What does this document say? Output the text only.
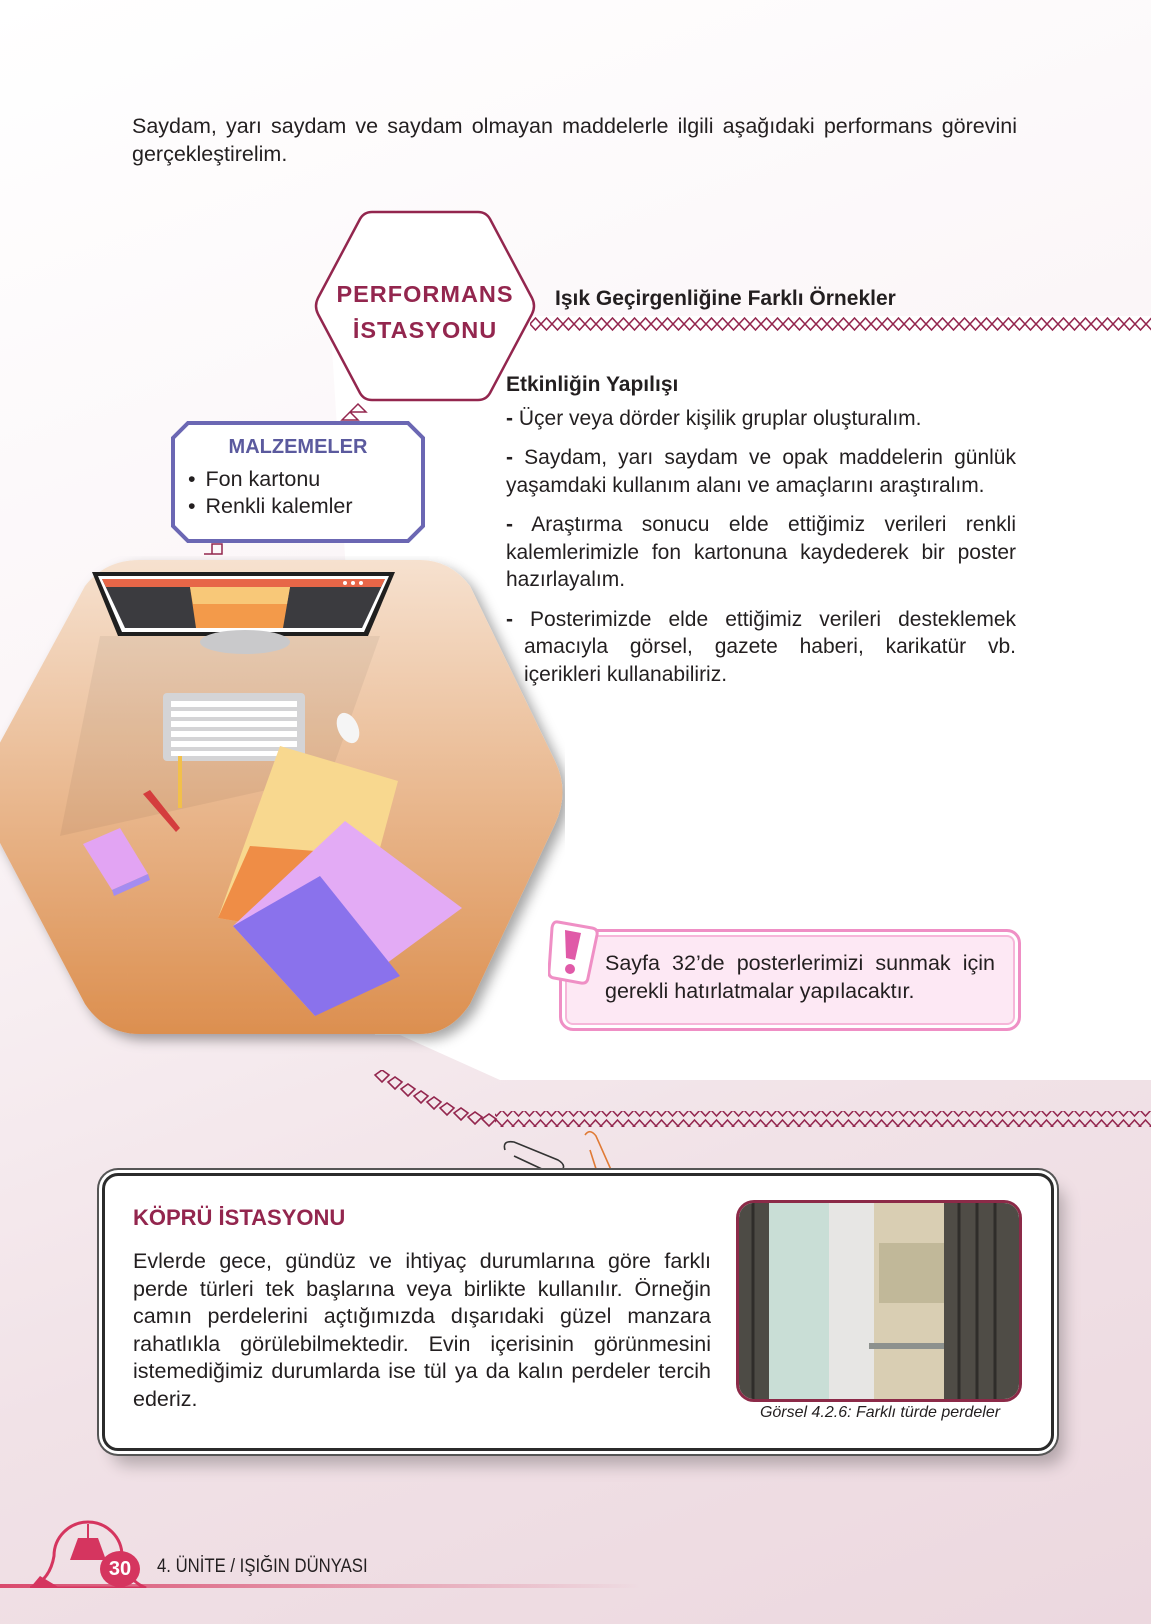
Saydam, yarı saydam ve saydam olmayan maddelerle ilgili aşağıdaki performans görevini gerçekleştirelim.
PERFORMANS
İSTASYONU
Işık Geçirgenliğine Farklı Örnekler
MALZEMELER
• Fon kartonu
• Renkli kalemler
Etkinliğin Yapılışı

- Üçer veya dörder kişilik gruplar oluşturalım.

- Saydam, yarı saydam ve opak maddelerin günlük yaşamdaki kullanım alanı ve amaçlarını araştıralım.

- Araştırma sonucu elde ettiğimiz verileri renkli kalemlerimizle fon kartonuna kaydederek bir poster hazırlayalım.

- Posterimizde elde ettiğimiz verileri desteklemek amacıyla görsel, gazete haberi, karikatür vb. içerikleri kullanabiliriz.

Sayfa 32’de posterlerimizi sunmak için gerekli hatırlatmalar yapılacaktır.
KÖPRÜ İSTASYONU
Evlerde gece, gündüz ve ihtiyaç durumlarına göre farklı perde türleri tek başlarına veya birlikte kullanılır. Örneğin camın perdelerini açtığımızda dışarıdaki güzel manzara rahatlıkla görülebilmektedir. Evin içerisinin görünmesini istemediğimiz durumlarda ise tül ya da kalın perdeler tercih ederiz.
Görsel 4.2.6: Farklı türde perdeler
30	4. ÜNİTE / IŞIĞIN DÜNYASI
